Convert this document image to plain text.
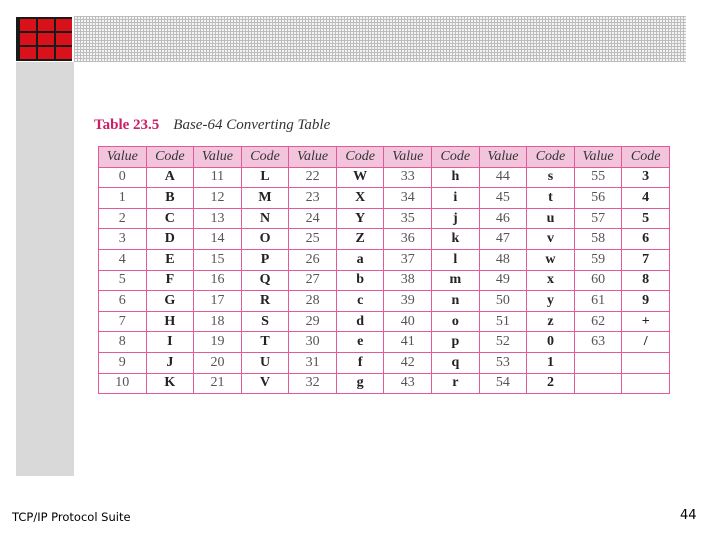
Table 23.5 Base-64 Converting Table
Value	Code	Value	Code	Value	Code	Value	Code	Value	Code	Value	Code
0	A	11	L	22	W	33	h	44	s	55	3
1	B	12	M	23	X	34	i	45	t	56	4
2	C	13	N	24	Y	35	j	46	u	57	5
3	D	14	O	25	Z	36	k	47	v	58	6
4	E	15	P	26	a	37	l	48	w	59	7
5	F	16	Q	27	b	38	m	49	x	60	8
6	G	17	R	28	c	39	n	50	y	61	9
7	H	18	S	29	d	40	o	51	z	62	+
8	I	19	T	30	e	41	p	52	0	63	/
9	J	20	U	31	f	42	q	53	1		
10	K	21	V	32	g	43	r	54	2		
TCP/IP Protocol Suite	44
